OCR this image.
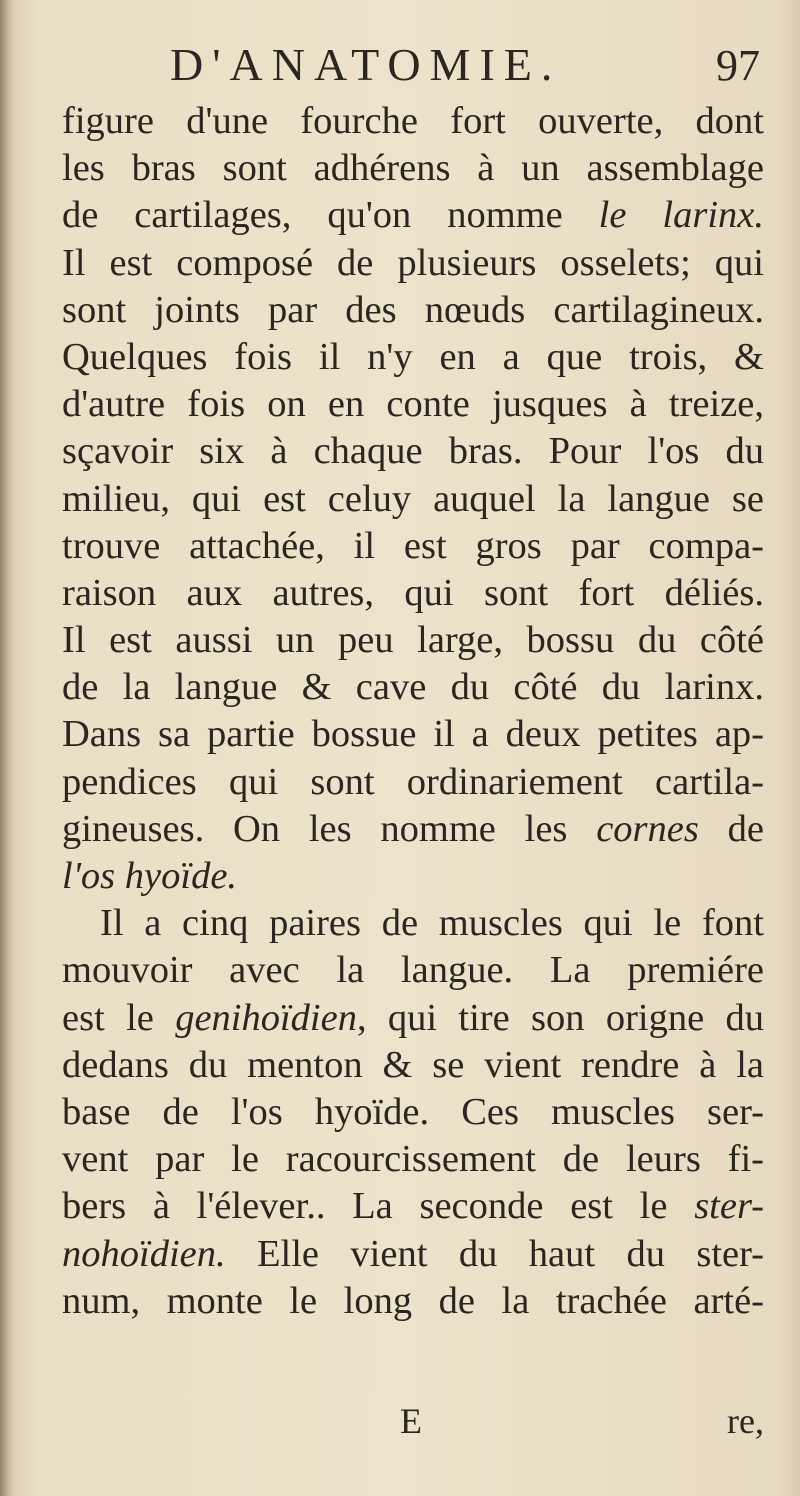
D'ANATOMIE.	97
figure d'une fourche fort ouverte, dont
les bras sont adhérens à un assemblage
de cartilages, qu'on nomme le larinx.
Il est composé de plusieurs osselets; qui
sont joints par des nœuds cartilagineux.
Quelques fois il n'y en a que trois, &
d'autre fois on en conte jusques à treize,
sçavoir six à chaque bras. Pour l'os du
milieu, qui est celuy auquel la langue se
trouve attachée, il est gros par compa-
raison aux autres, qui sont fort déliés.
Il est aussi un peu large, bossu du côté
de la langue & cave du côté du larinx.
Dans sa partie bossue il a deux petites ap-
pendices qui sont ordinariement cartila-
gineuses. On les nomme les cornes de
l'os hyoïde.
Il a cinq paires de muscles qui le font
mouvoir avec la langue. La premiére
est le genihoïdien, qui tire son origne du
dedans du menton & se vient rendre à la
base de l'os hyoïde. Ces muscles ser-
vent par le racourcissement de leurs fi-
bers à l'élever.. La seconde est le ster-
nohoïdien. Elle vient du haut du ster-
num, monte le long de la trachée arté-
E	re,
